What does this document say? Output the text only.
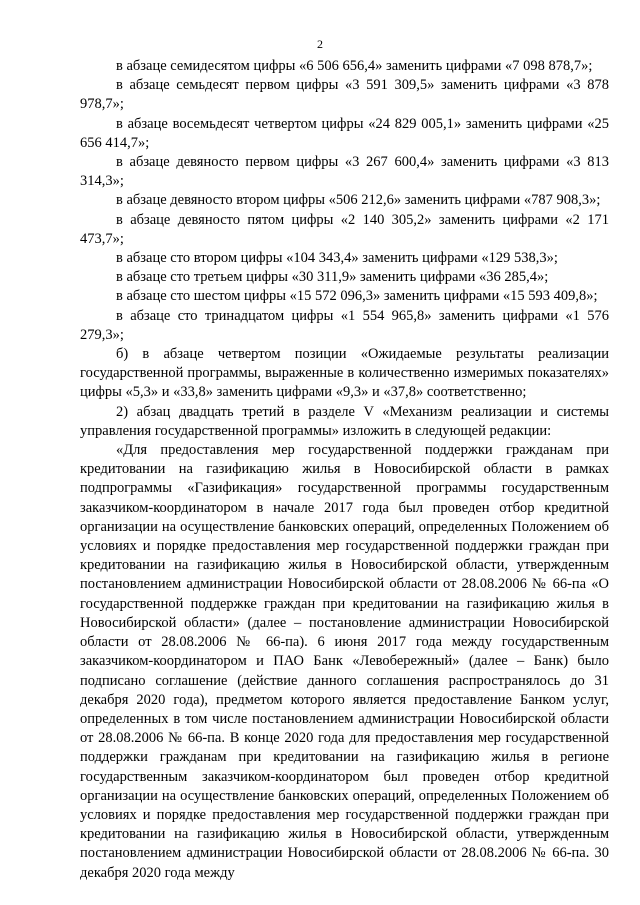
2

в абзаце семидесятом цифры «6 506 656,4» заменить цифрами «7 098 878,7»;

в абзаце семьдесят первом цифры «3 591 309,5» заменить цифрами «3 878 978,7»;

в абзаце восемьдесят четвертом цифры «24 829 005,1» заменить цифрами «25 656 414,7»;

в абзаце девяносто первом цифры «3 267 600,4» заменить цифрами «3 813 314,3»;

в абзаце девяносто втором цифры «506 212,6» заменить цифрами «787 908,3»;

в абзаце девяносто пятом цифры «2 140 305,2» заменить цифрами «2 171 473,7»;

в абзаце сто втором цифры «104 343,4» заменить цифрами «129 538,3»;

в абзаце сто третьем цифры «30 311,9» заменить цифрами «36 285,4»;

в абзаце сто шестом цифры «15 572 096,3» заменить цифрами «15 593 409,8»;

в абзаце сто тринадцатом цифры «1 554 965,8» заменить цифрами «1 576 279,3»;

б) в абзаце четвертом позиции «Ожидаемые результаты реализации государственной программы, выраженные в количественно измеримых показателях» цифры «5,3» и «33,8» заменить цифрами «9,3» и «37,8» соответственно;

2) абзац двадцать третий в разделе V «Механизм реализации и системы управления государственной программы» изложить в следующей редакции:

«Для предоставления мер государственной поддержки гражданам при кредитовании на газификацию жилья в Новосибирской области в рамках подпрограммы «Газификация» государственной программы государственным заказчиком-координатором в начале 2017 года был проведен отбор кредитной организации на осуществление банковских операций, определенных Положением об условиях и порядке предоставления мер государственной поддержки граждан при кредитовании на газификацию жилья в Новосибирской области, утвержденным постановлением администрации Новосибирской области от 28.08.2006 № 66-па «О государственной поддержке граждан при кредитовании на газификацию жилья в Новосибирской области» (далее – постановление администрации Новосибирской области от 28.08.2006 № 66-па). 6 июня 2017 года между государственным заказчиком-координатором и ПАО Банк «Левобережный» (далее – Банк) было подписано соглашение (действие данного соглашения распространялось до 31 декабря 2020 года), предметом которого является предоставление Банком услуг, определенных в том числе постановлением администрации Новосибирской области от 28.08.2006 № 66-па. В конце 2020 года для предоставления мер государственной поддержки гражданам при кредитовании на газификацию жилья в регионе государственным заказчиком-координатором был проведен отбор кредитной организации на осуществление банковских операций, определенных Положением об условиях и порядке предоставления мер государственной поддержки граждан при кредитовании на газификацию жилья в Новосибирской области, утвержденным постановлением администрации Новосибирской области от 28.08.2006 № 66-па. 30 декабря 2020 года между
